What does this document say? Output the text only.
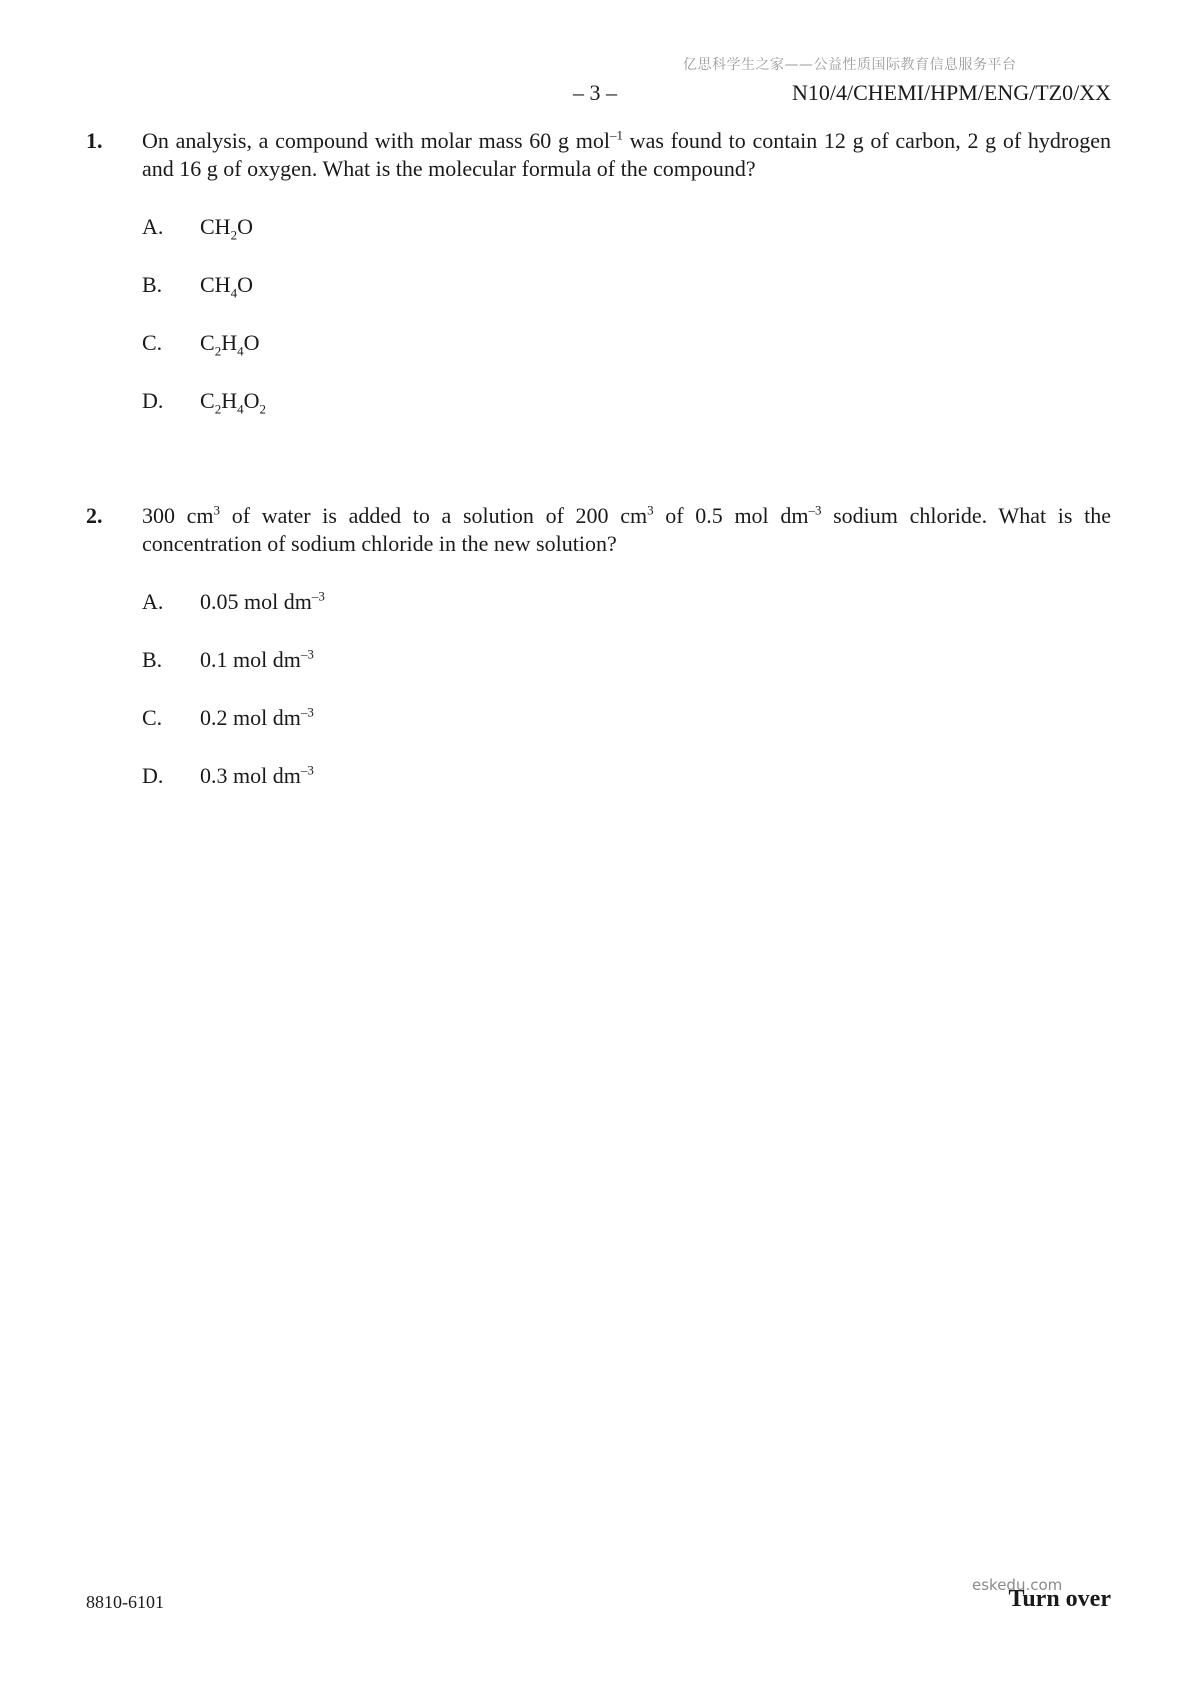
亿思科学生之家——公益性质国际教育信息服务平台
– 3 –	N10/4/CHEMI/HPM/ENG/TZ0/XX
1. On analysis, a compound with molar mass 60 g mol$^{-1}$ was found to contain 12 g of carbon, 2 g of hydrogen and 16 g of oxygen. What is the molecular formula of the compound?
A.	$CH_2O$
B.	$CH_4O$
C.	$C_2H_4O$
D.	$C_2H_4O_2$
2. 300 $cm^3$ of water is added to a solution of 200 $cm^3$ of 0.5 mol $dm^{-3}$ sodium chloride. What is the concentration of sodium chloride in the new solution?
A.	0.05 mol $dm^{-3}$
B.	0.1 mol $dm^{-3}$
C.	0.2 mol $dm^{-3}$
D.	0.3 mol $dm^{-3}$
8810-6101	Turn over
eskedu.com
